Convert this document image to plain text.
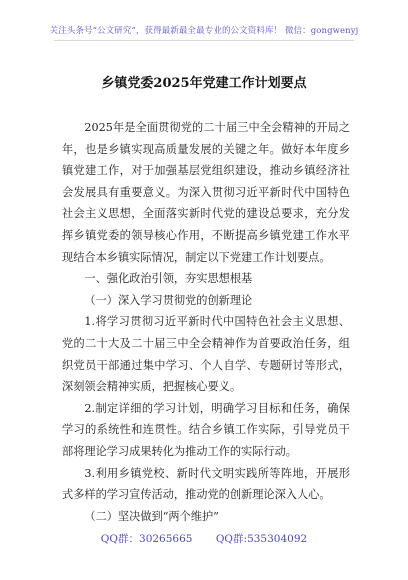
关注头条号“公文研究”，获得最新最全最专业的公文资料库！ 微信：gongwenyj
乡镇党委2025年党建工作计划要点

2025年是全面贯彻党的二十届三中全会精神的开局之年，也是乡镇实现高质量发展的关键之年。做好本年度乡镇党建工作，对于加强基层党组织建设，推动乡镇经济社会发展具有重要意义。为深入贯彻习近平新时代中国特色社会主义思想，全面落实新时代党的建设总要求，充分发挥乡镇党委的领导核心作用，不断提高乡镇党建工作水平现结合本乡镇实际情况，制定以下党建工作计划要点。

一、强化政治引领，夯实思想根基

（一）深入学习贯彻党的创新理论

1.将学习贯彻习近平新时代中国特色社会主义思想、党的二十大及二十届三中全会精神作为首要政治任务，组织党员干部通过集中学习、个人自学、专题研讨等形式，深刻领会精神实质，把握核心要义。

2.制定详细的学习计划，明确学习目标和任务，确保学习的系统性和连贯性。结合乡镇工作实际，引导党员干部将理论学习成果转化为推动工作的实际行动。

3.利用乡镇党校、新时代文明实践所等阵地，开展形式多样的学习宣传活动，推动党的创新理论深入人心。

（二）坚决做到“两个维护”

QQ群：30265665 QQ群:535304092
